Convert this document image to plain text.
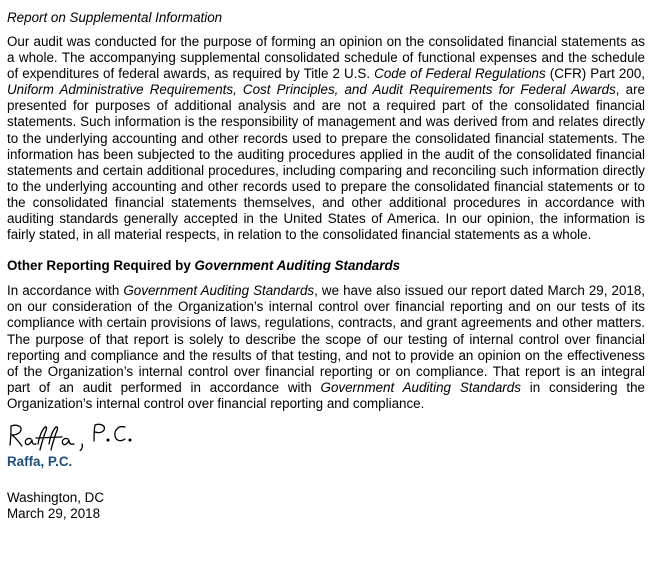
Report on Supplemental Information

Our audit was conducted for the purpose of forming an opinion on the consolidated financial statements as a whole. The accompanying supplemental consolidated schedule of functional expenses and the schedule of expenditures of federal awards, as required by Title 2 U.S. Code of Federal Regulations (CFR) Part 200, Uniform Administrative Requirements, Cost Principles, and Audit Requirements for Federal Awards, are presented for purposes of additional analysis and are not a required part of the consolidated financial statements. Such information is the responsibility of management and was derived from and relates directly to the underlying accounting and other records used to prepare the consolidated financial statements. The information has been subjected to the auditing procedures applied in the audit of the consolidated financial statements and certain additional procedures, including comparing and reconciling such information directly to the underlying accounting and other records used to prepare the consolidated financial statements or to the consolidated financial statements themselves, and other additional procedures in accordance with auditing standards generally accepted in the United States of America. In our opinion, the information is fairly stated, in all material respects, in relation to the consolidated financial statements as a whole.

Other Reporting Required by Government Auditing Standards

In accordance with Government Auditing Standards, we have also issued our report dated March 29, 2018, on our consideration of the Organization’s internal control over financial reporting and on our tests of its compliance with certain provisions of laws, regulations, contracts, and grant agreements and other matters. The purpose of that report is solely to describe the scope of our testing of internal control over financial reporting and compliance and the results of that testing, and not to provide an opinion on the effectiveness of the Organization’s internal control over financial reporting or on compliance. That report is an integral part of an audit performed in accordance with Government Auditing Standards in considering the Organization’s internal control over financial reporting and compliance.

Raffa, P.C.
Washington, DC
March 29, 2018
